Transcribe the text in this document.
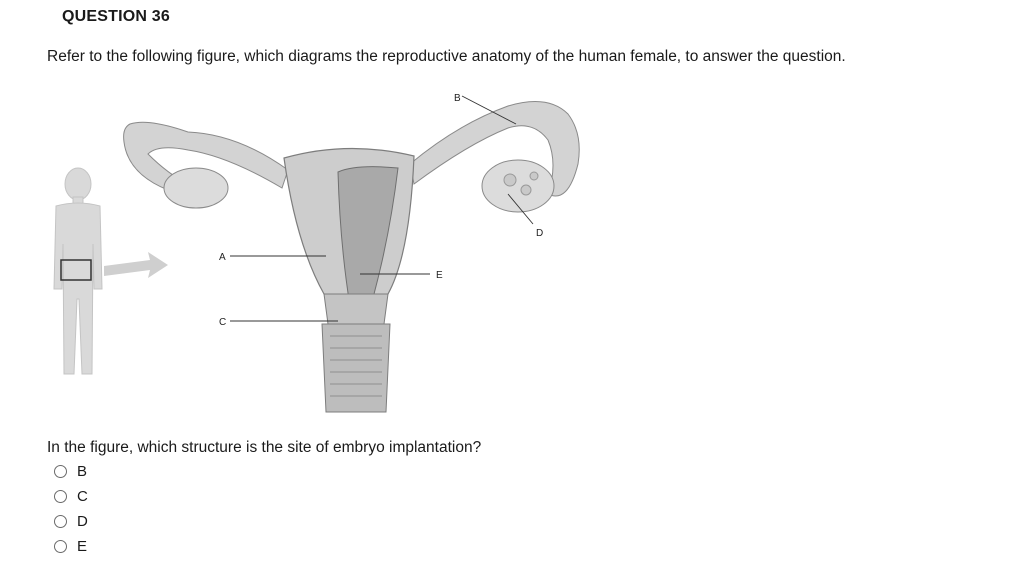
QUESTION 36
Refer to the following figure, which diagrams the reproductive anatomy of the human female, to answer the question.
A
C
B
D
E
In the figure, which structure is the site of embryo implantation?
B
C
D
E
